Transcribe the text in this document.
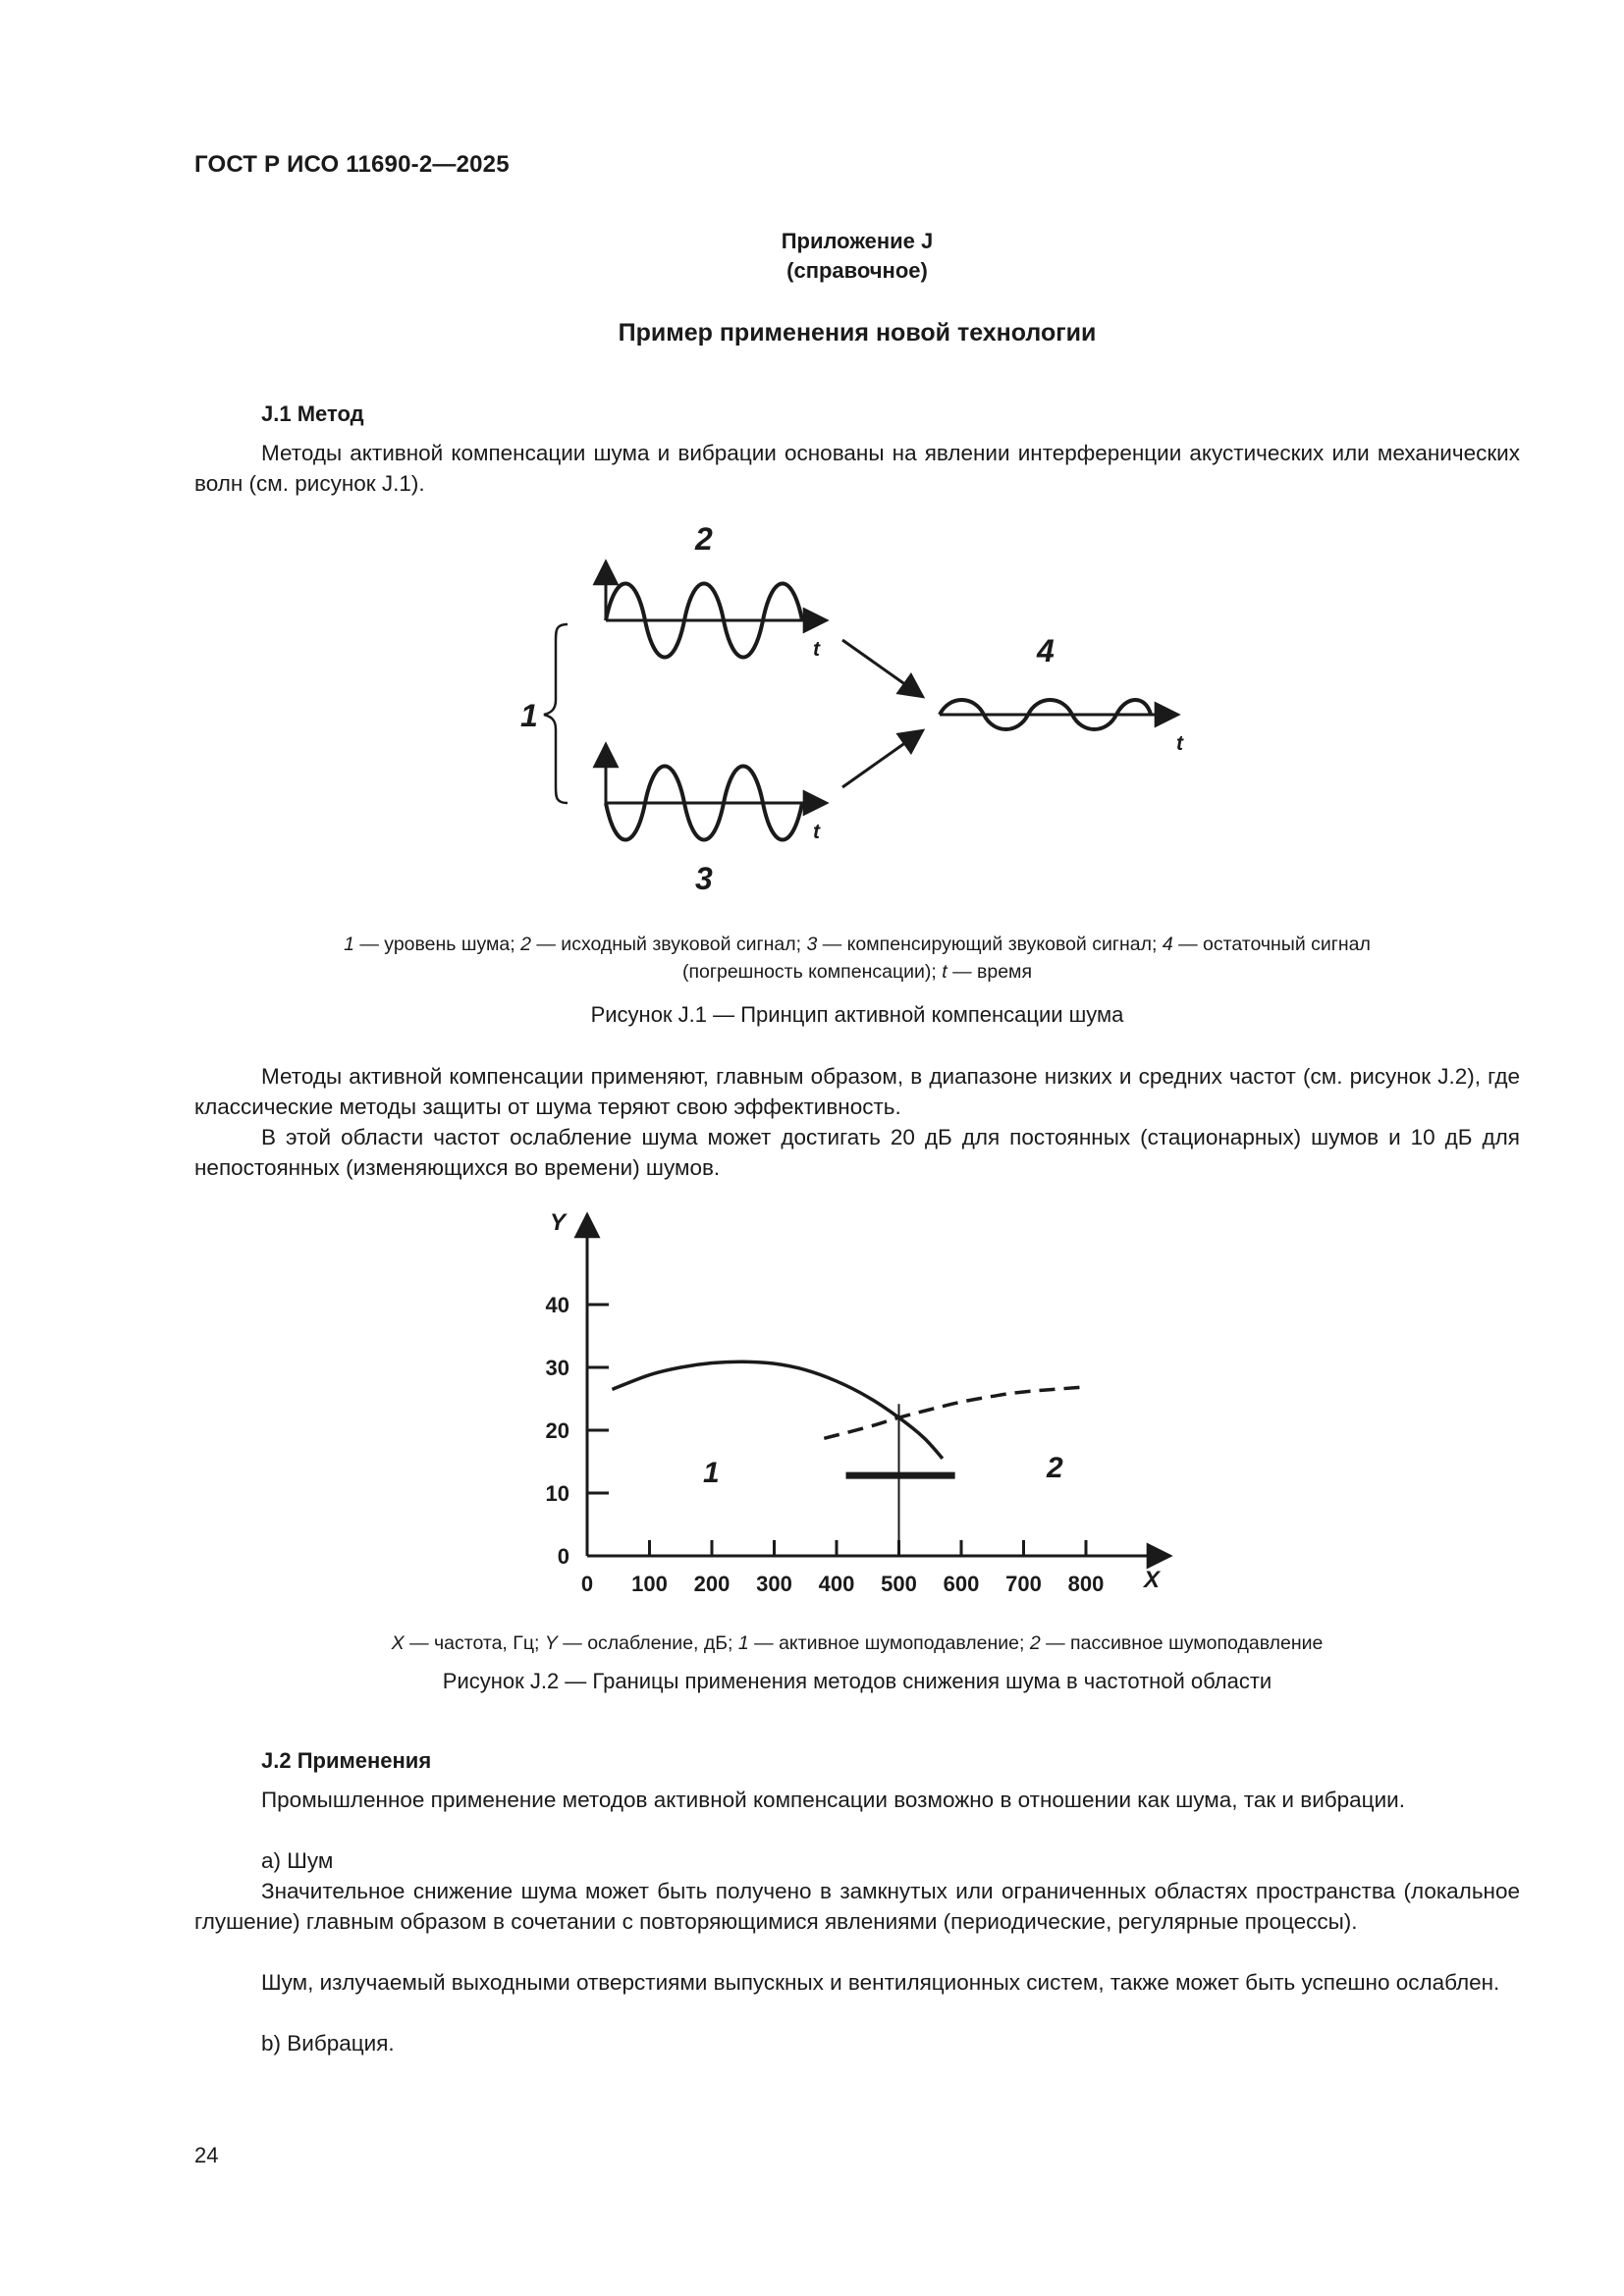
ГОСТ Р ИСО 11690-2—2025
Приложение J
(справочное)
Пример применения новой технологии
J.1 Метод

Методы активной компенсации шума и вибрации основаны на явлении интерференции акустических или механических волн (см. рисунок J.1).

2
3
4
1
t
t
t
1 — уровень шума; 2 — исходный звуковой сигнал; 3 — компенсирующий звуковой сигнал; 4 — остаточный сигнал
(погрешность компенсации); t — время
Рисунок J.1 — Принцип активной компенсации шума

Методы активной компенсации применяют, главным образом, в диапазоне низких и средних частот (см. рисунок J.2), где классические методы защиты от шума теряют свою эффективность.

В этой области частот ослабление шума может достигать 20 дБ для постоянных (стационарных) шумов и 10 дБ для непостоянных (изменяющихся во времени) шумов.

0
10
20
30
40
0 100 200 300 400 500 600 700 800
Y
X
1	2
X — частота, Гц; Y — ослабление, дБ; 1 — активное шумоподавление; 2 — пассивное шумоподавление
Рисунок J.2 — Границы применения методов снижения шума в частотной области
J.2 Применения

Промышленное применение методов активной компенсации возможно в отношении как шума, так и вибрации.

a) Шум

Значительное снижение шума может быть получено в замкнутых или ограниченных областях пространства (локальное глушение) главным образом в сочетании с повторяющимися явлениями (периодические, регулярные процессы).

Шум, излучаемый выходными отверстиями выпускных и вентиляционных систем, также может быть успешно ослаблен.

b) Вибрация.
24
